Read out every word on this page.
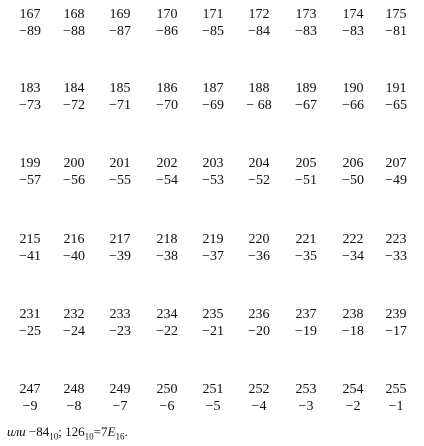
167
−89
168
−88
169
−87
170
−86
171
−85
172
−84
173
−83
174
−83
175
−81
183
−73
184
−72
185
−71
186
−70
187
−69
188
− 68
189
−67
190
−66
191
−65
199
−57
200
−56
201
−55
202
−54
203
−53
204
−52
205
−51
206
−50
207
−49
215
−41
216
−40
217
−39
218
−38
219
−37
220
−36
221
−35
222
−34
223
−33
231
−25
232
−24
233
−23
234
−22
235
−21
236
−20
237
−19
238
−18
239
−17
247
−9
248
−8
249
−7
250
−6
251
−5
252
−4
253
−3
254
−2
255
−1
или $-84_{10}$; $126_{10}=7E_{16}$.
